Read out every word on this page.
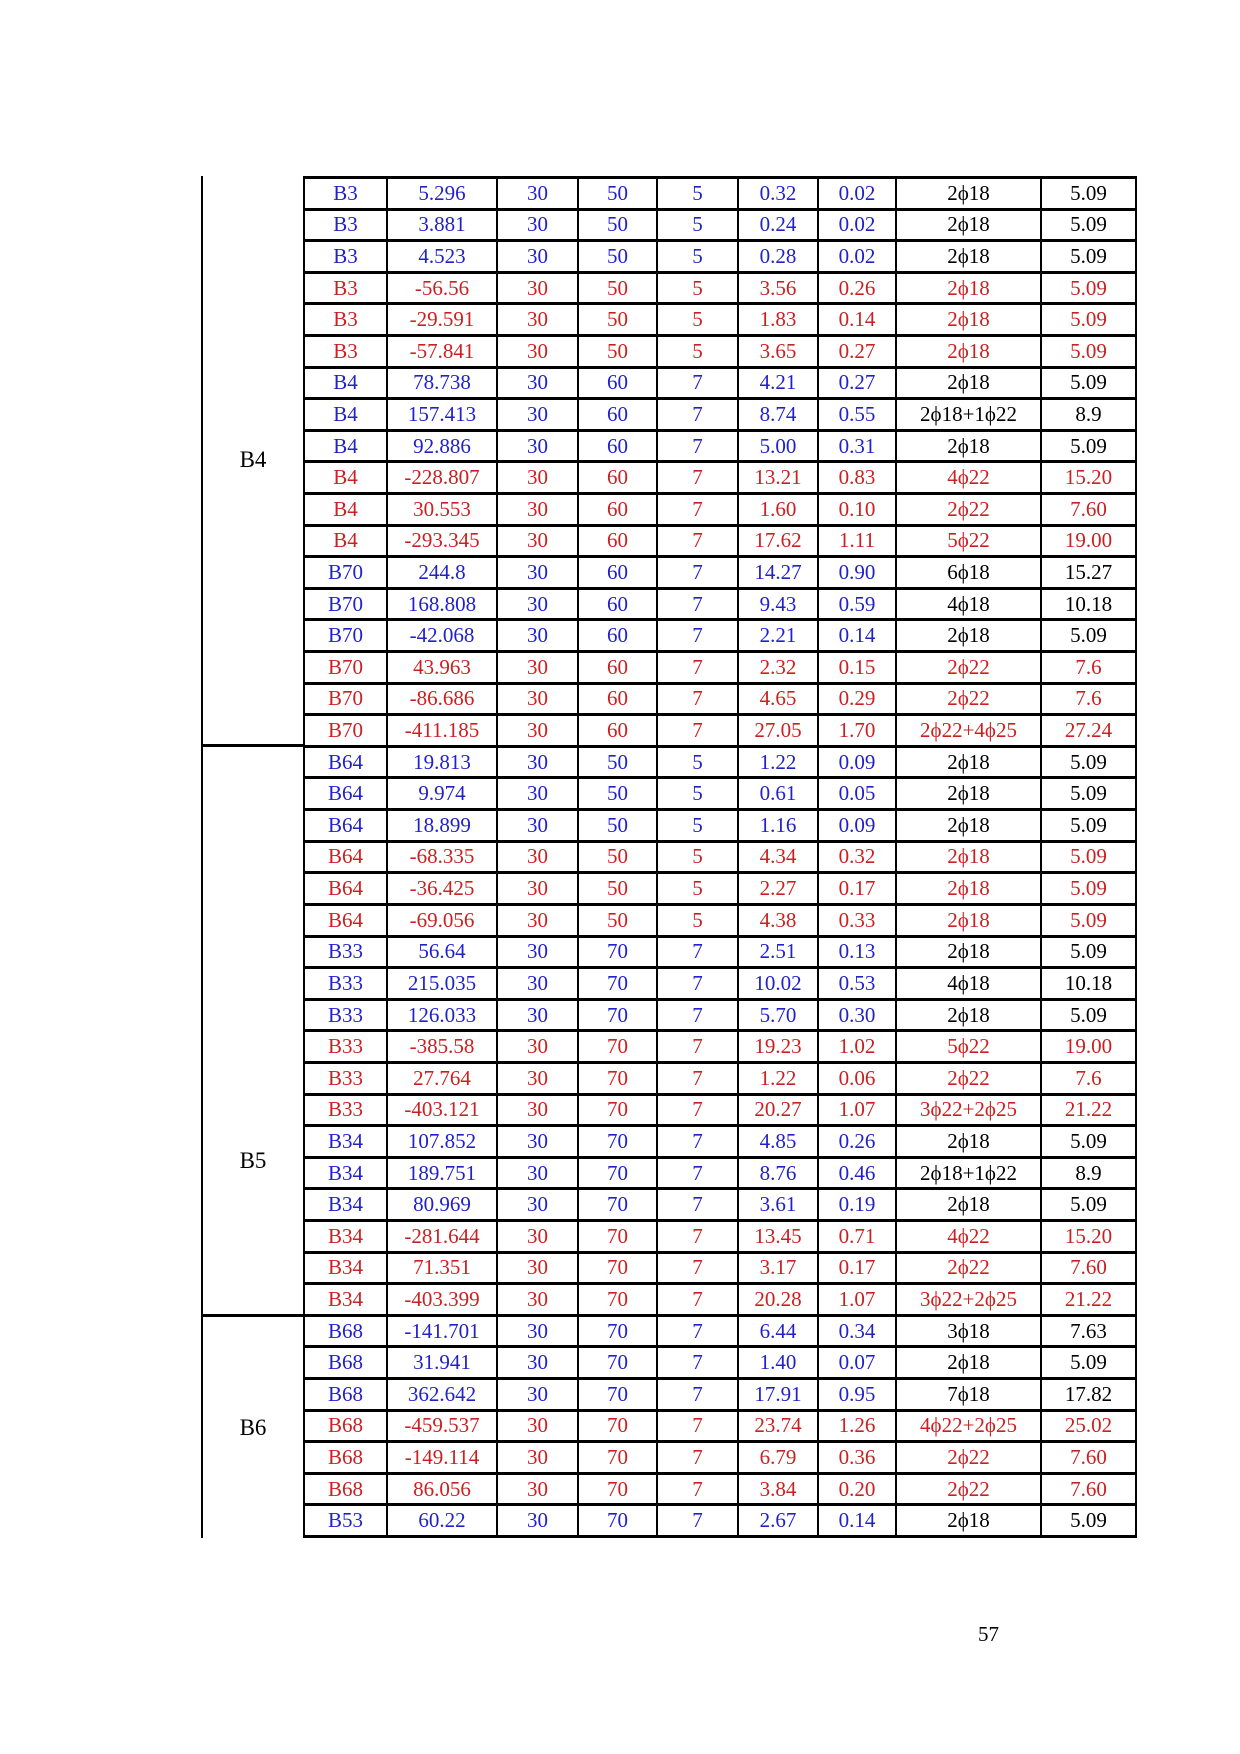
B4
B5
B6
B3	5.296	30	50	5	0.32	0.02	2ϕ18	5.09
B3	3.881	30	50	5	0.24	0.02	2ϕ18	5.09
B3	4.523	30	50	5	0.28	0.02	2ϕ18	5.09
B3	-56.56	30	50	5	3.56	0.26	2ϕ18	5.09
B3	-29.591	30	50	5	1.83	0.14	2ϕ18	5.09
B3	-57.841	30	50	5	3.65	0.27	2ϕ18	5.09
B4	78.738	30	60	7	4.21	0.27	2ϕ18	5.09
B4	157.413	30	60	7	8.74	0.55	2ϕ18+1ϕ22	8.9
B4	92.886	30	60	7	5.00	0.31	2ϕ18	5.09
B4	-228.807	30	60	7	13.21	0.83	4ϕ22	15.20
B4	30.553	30	60	7	1.60	0.10	2ϕ22	7.60
B4	-293.345	30	60	7	17.62	1.11	5ϕ22	19.00
B70	244.8	30	60	7	14.27	0.90	6ϕ18	15.27
B70	168.808	30	60	7	9.43	0.59	4ϕ18	10.18
B70	-42.068	30	60	7	2.21	0.14	2ϕ18	5.09
B70	43.963	30	60	7	2.32	0.15	2ϕ22	7.6
B70	-86.686	30	60	7	4.65	0.29	2ϕ22	7.6
B70	-411.185	30	60	7	27.05	1.70	2ϕ22+4ϕ25	27.24
B64	19.813	30	50	5	1.22	0.09	2ϕ18	5.09
B64	9.974	30	50	5	0.61	0.05	2ϕ18	5.09
B64	18.899	30	50	5	1.16	0.09	2ϕ18	5.09
B64	-68.335	30	50	5	4.34	0.32	2ϕ18	5.09
B64	-36.425	30	50	5	2.27	0.17	2ϕ18	5.09
B64	-69.056	30	50	5	4.38	0.33	2ϕ18	5.09
B33	56.64	30	70	7	2.51	0.13	2ϕ18	5.09
B33	215.035	30	70	7	10.02	0.53	4ϕ18	10.18
B33	126.033	30	70	7	5.70	0.30	2ϕ18	5.09
B33	-385.58	30	70	7	19.23	1.02	5ϕ22	19.00
B33	27.764	30	70	7	1.22	0.06	2ϕ22	7.6
B33	-403.121	30	70	7	20.27	1.07	3ϕ22+2ϕ25	21.22
B34	107.852	30	70	7	4.85	0.26	2ϕ18	5.09
B34	189.751	30	70	7	8.76	0.46	2ϕ18+1ϕ22	8.9
B34	80.969	30	70	7	3.61	0.19	2ϕ18	5.09
B34	-281.644	30	70	7	13.45	0.71	4ϕ22	15.20
B34	71.351	30	70	7	3.17	0.17	2ϕ22	7.60
B34	-403.399	30	70	7	20.28	1.07	3ϕ22+2ϕ25	21.22
B68	-141.701	30	70	7	6.44	0.34	3ϕ18	7.63
B68	31.941	30	70	7	1.40	0.07	2ϕ18	5.09
B68	362.642	30	70	7	17.91	0.95	7ϕ18	17.82
B68	-459.537	30	70	7	23.74	1.26	4ϕ22+2ϕ25	25.02
B68	-149.114	30	70	7	6.79	0.36	2ϕ22	7.60
B68	86.056	30	70	7	3.84	0.20	2ϕ22	7.60
B53	60.22	30	70	7	2.67	0.14	2ϕ18	5.09
57
